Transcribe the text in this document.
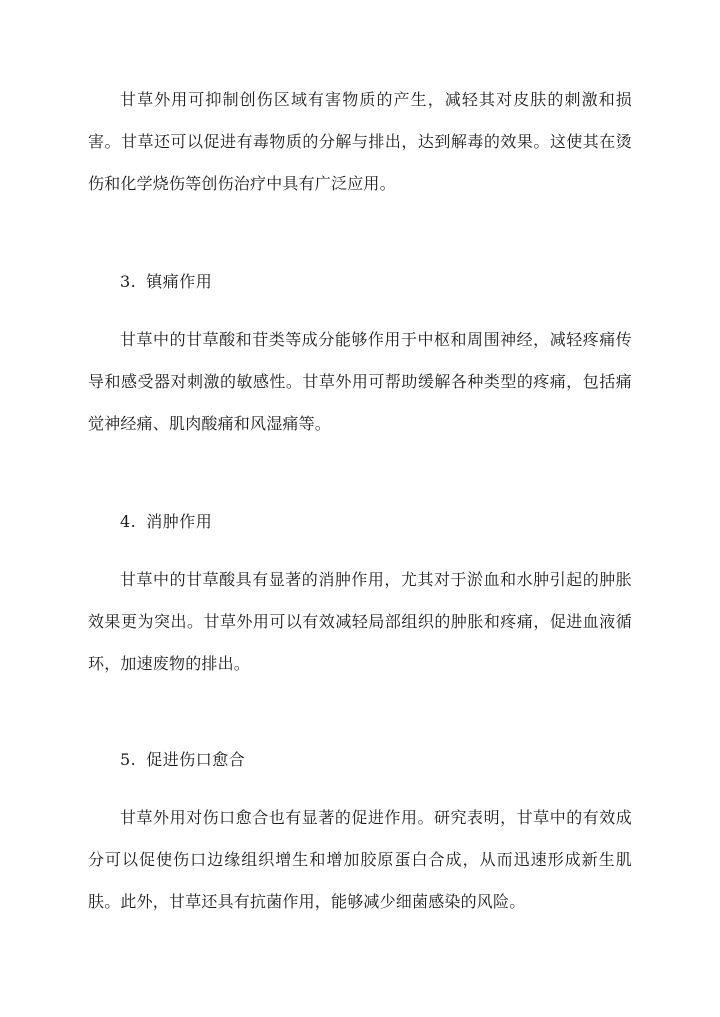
甘草外用可抑制创伤区域有害物质的产生，减轻其对皮肤的刺激和损害。甘草还可以促进有毒物质的分解与排出，达到解毒的效果。这使其在烫伤和化学烧伤等创伤治疗中具有广泛应用。

3. 镇痛作用

甘草中的甘草酸和苷类等成分能够作用于中枢和周围神经，减轻疼痛传导和感受器对刺激的敏感性。甘草外用可帮助缓解各种类型的疼痛，包括痛觉神经痛、肌肉酸痛和风湿痛等。

4. 消肿作用

甘草中的甘草酸具有显著的消肿作用，尤其对于淤血和水肿引起的肿胀效果更为突出。甘草外用可以有效减轻局部组织的肿胀和疼痛，促进血液循环，加速废物的排出。

5. 促进伤口愈合

甘草外用对伤口愈合也有显著的促进作用。研究表明，甘草中的有效成分可以促使伤口边缘组织增生和增加胶原蛋白合成，从而迅速形成新生肌肤。此外，甘草还具有抗菌作用，能够减少细菌感染的风险。
